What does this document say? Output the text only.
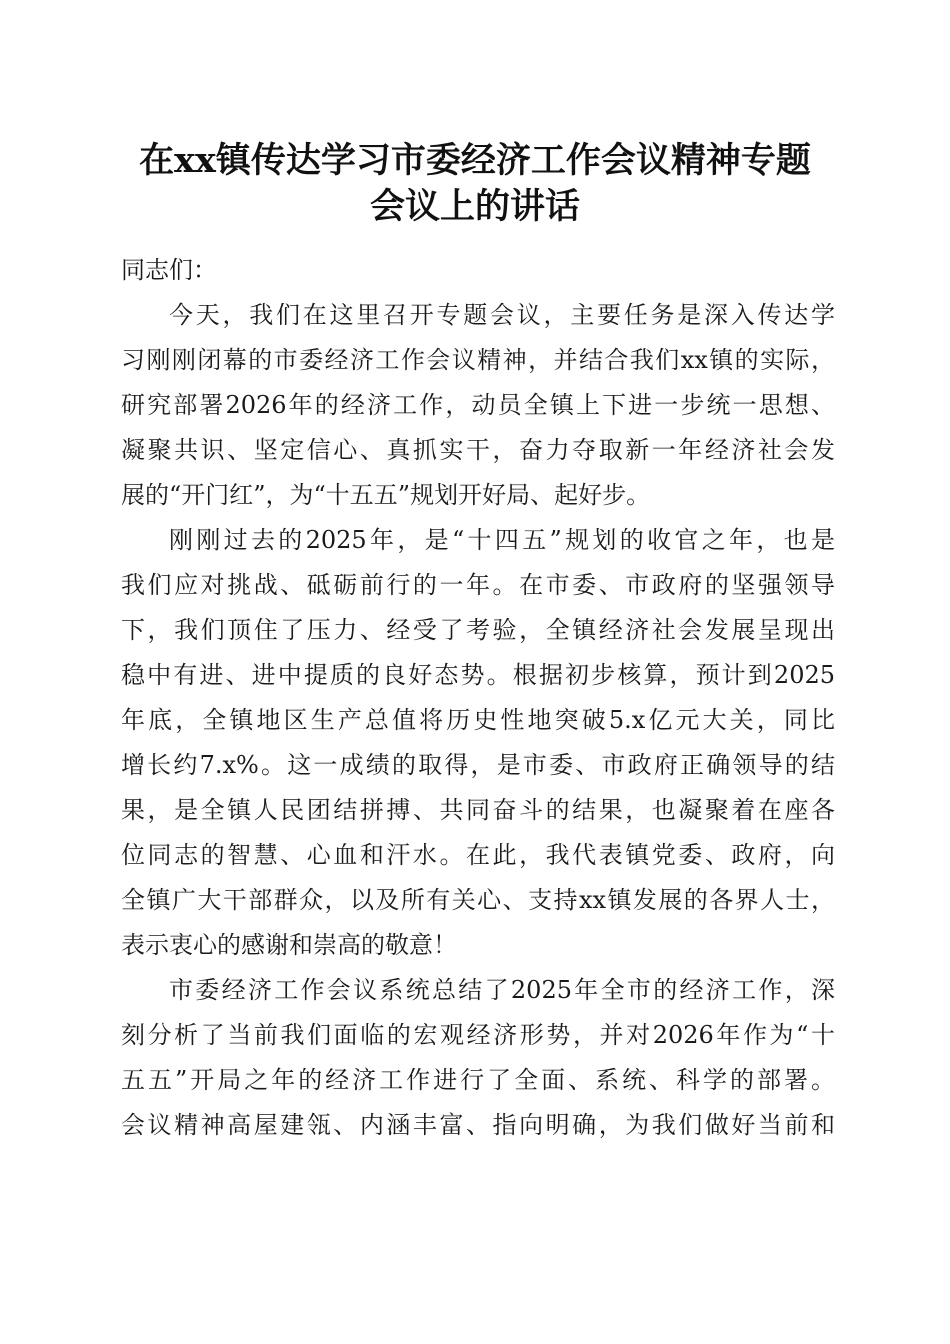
在xx镇传达学习市委经济工作会议精神专题
会议上的讲话
同志们：
今天，我们在这里召开专题会议，主要任务是深入传达学
习刚刚闭幕的市委经济工作会议精神，并结合我们xx镇的实际，
研究部署2026年的经济工作，动员全镇上下进一步统一思想、
凝聚共识、坚定信心、真抓实干，奋力夺取新一年经济社会发
展的“开门红”，为“十五五”规划开好局、起好步。
刚刚过去的2025年，是“十四五”规划的收官之年，也是
我们应对挑战、砥砺前行的一年。在市委、市政府的坚强领导
下，我们顶住了压力、经受了考验，全镇经济社会发展呈现出
稳中有进、进中提质的良好态势。根据初步核算，预计到2025
年底，全镇地区生产总值将历史性地突破5.x亿元大关，同比
增长约7.x%。这一成绩的取得，是市委、市政府正确领导的结
果，是全镇人民团结拼搏、共同奋斗的结果，也凝聚着在座各
位同志的智慧、心血和汗水。在此，我代表镇党委、政府，向
全镇广大干部群众，以及所有关心、支持xx镇发展的各界人士，
表示衷心的感谢和崇高的敬意！
市委经济工作会议系统总结了2025年全市的经济工作，深
刻分析了当前我们面临的宏观经济形势，并对2026年作为“十
五五”开局之年的经济工作进行了全面、系统、科学的部署。
会议精神高屋建瓴、内涵丰富、指向明确，为我们做好当前和
